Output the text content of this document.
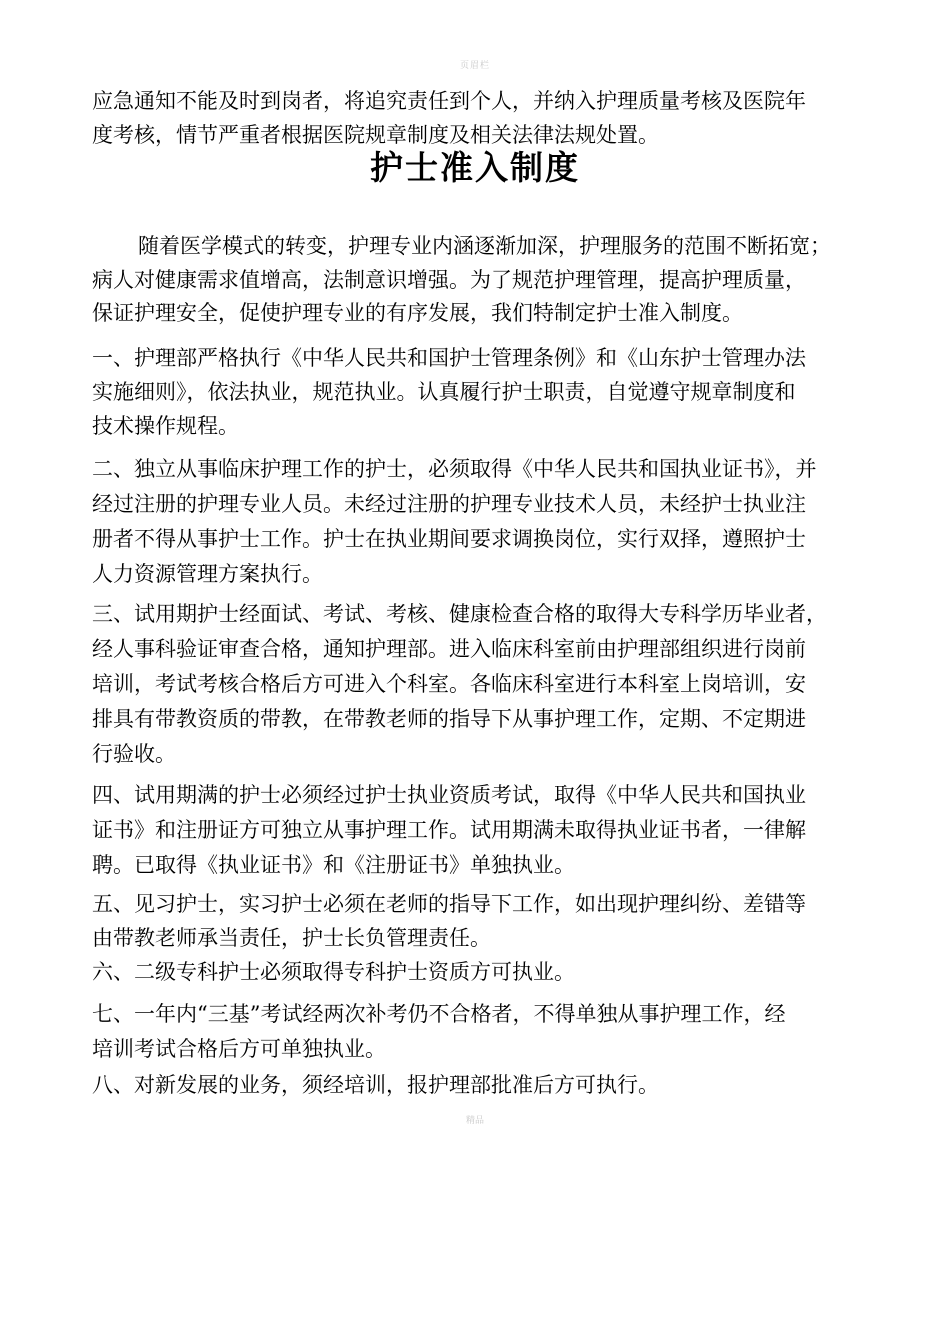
页眉栏
应急通知不能及时到岗者，将追究责任到个人，并纳入护理质量考核及医院年
度考核，情节严重者根据医院规章制度及相关法律法规处置。
护士准入制度
随着医学模式的转变，护理专业内涵逐渐加深，护理服务的范围不断拓宽；
病人对健康需求值增高，法制意识增强。为了规范护理管理，提高护理质量，
保证护理安全，促使护理专业的有序发展，我们特制定护士准入制度。
一、护理部严格执行《中华人民共和国护士管理条例》和《山东护士管理办法
实施细则》，依法执业，规范执业。认真履行护士职责，自觉遵守规章制度和
技术操作规程。
二、独立从事临床护理工作的护士，必须取得《中华人民共和国执业证书》，并
经过注册的护理专业人员。未经过注册的护理专业技术人员，未经护士执业注
册者不得从事护士工作。护士在执业期间要求调换岗位，实行双择，遵照护士
人力资源管理方案执行。
三、试用期护士经面试、考试、考核、健康检查合格的取得大专科学历毕业者，
经人事科验证审查合格，通知护理部。进入临床科室前由护理部组织进行岗前
培训，考试考核合格后方可进入个科室。各临床科室进行本科室上岗培训，安
排具有带教资质的带教，在带教老师的指导下从事护理工作，定期、不定期进
行验收。
四、试用期满的护士必须经过护士执业资质考试，取得《中华人民共和国执业
证书》和注册证方可独立从事护理工作。试用期满未取得执业证书者，一律解
聘。已取得《执业证书》和《注册证书》单独执业。
五、见习护士，实习护士必须在老师的指导下工作，如出现护理纠纷、差错等
由带教老师承当责任，护士长负管理责任。
六、二级专科护士必须取得专科护士资质方可执业。
七、一年内“三基”考试经两次补考仍不合格者，不得单独从事护理工作，经
培训考试合格后方可单独执业。
八、对新发展的业务，须经培训，报护理部批准后方可执行。
精品
